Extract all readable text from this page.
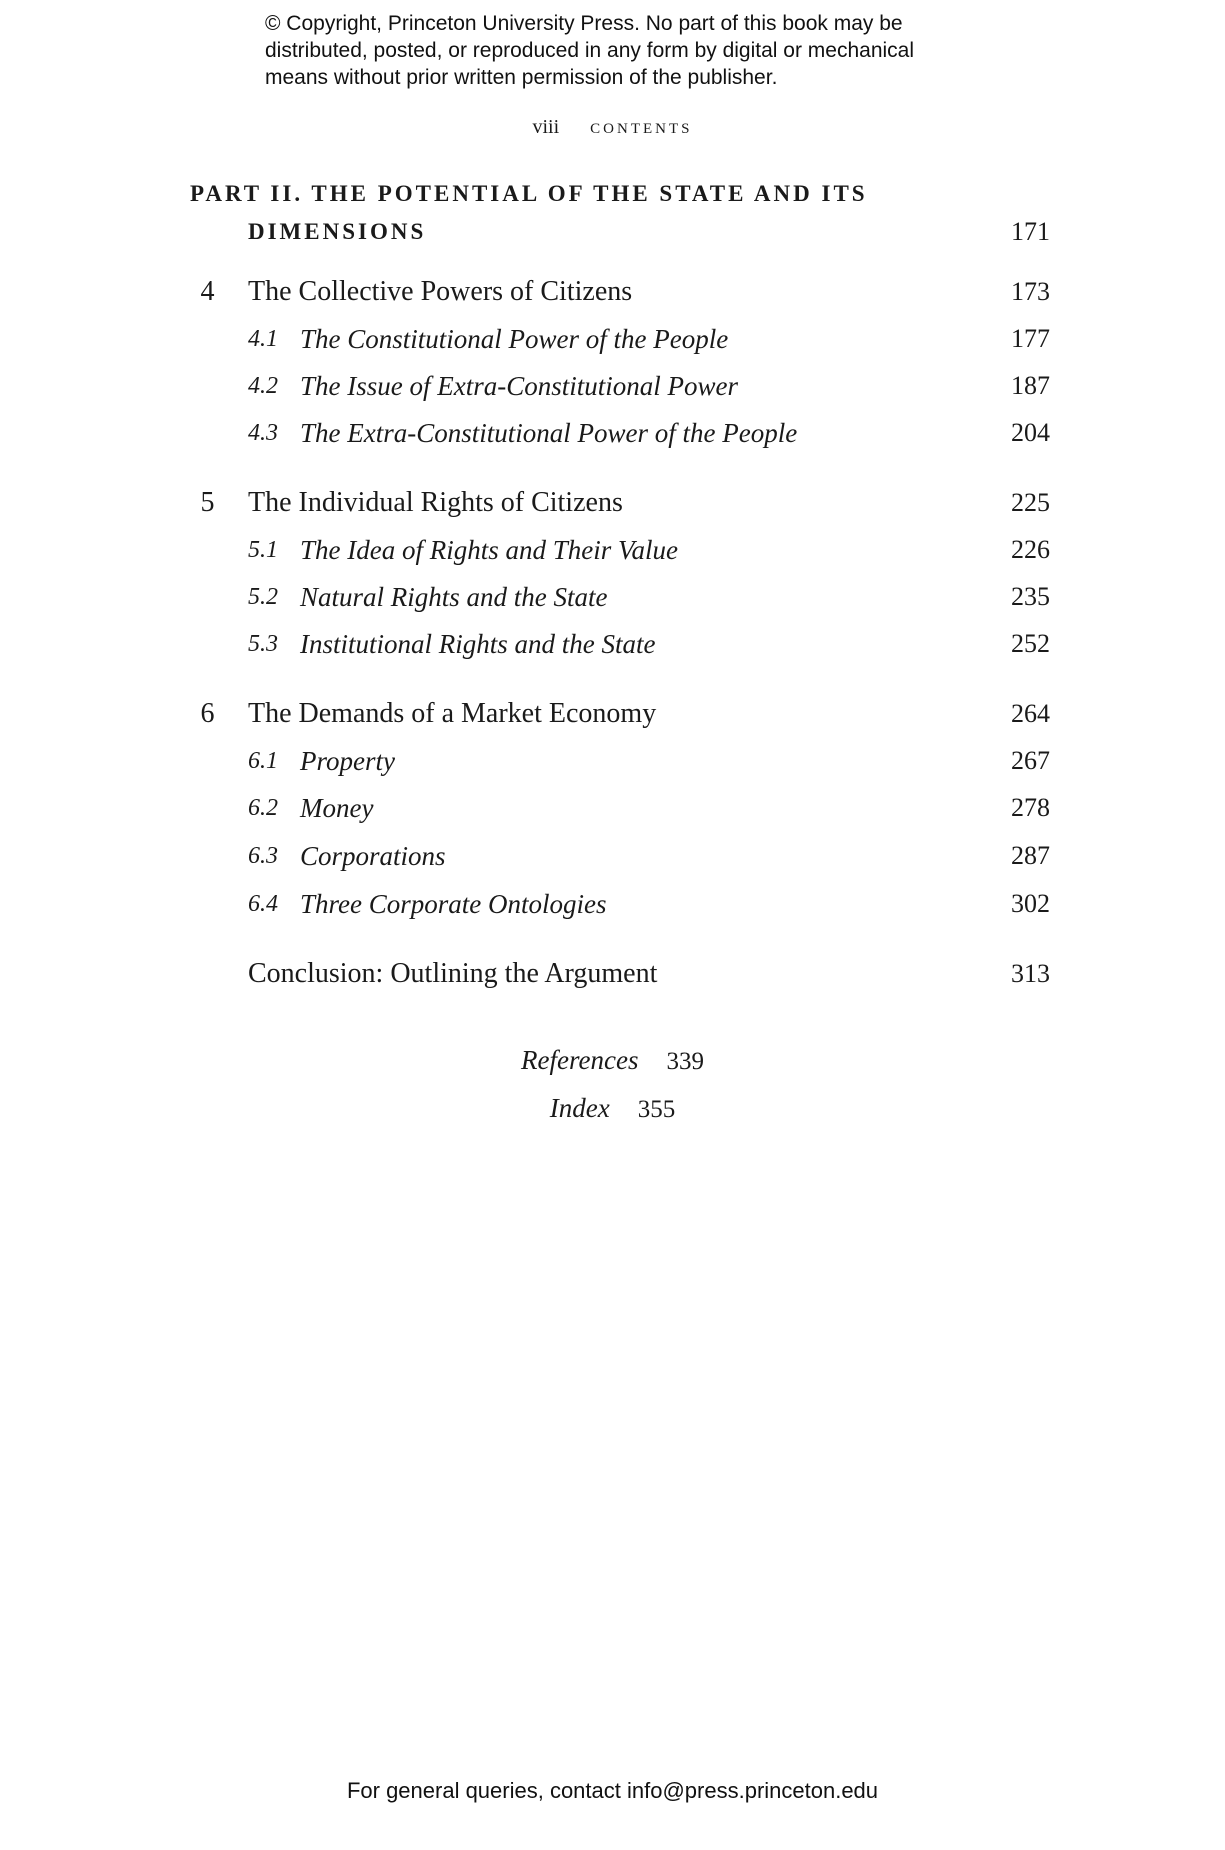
© Copyright, Princeton University Press. No part of this book may be
distributed, posted, or reproduced in any form by digital or mechanical
means without prior written permission of the publisher.
viii contents
PART II. THE POTENTIAL OF THE STATE AND ITS
DIMENSIONS	171
4	The Collective Powers of Citizens	173
4.1 The Constitutional Power of the People	177
4.2 The Issue of Extra-Constitutional Power	187
4.3 The Extra-Constitutional Power of the People	204
5	The Individual Rights of Citizens	225
5.1 The Idea of Rights and Their Value	226
5.2 Natural Rights and the State	235
5.3 Institutional Rights and the State	252
6	The Demands of a Market Economy	264
6.1 Property	267
6.2 Money	278
6.3 Corporations	287
6.4 Three Corporate Ontologies	302
Conclusion: Outlining the Argument	313
References 339
Index 355
For general queries, contact info@press.princeton.edu
